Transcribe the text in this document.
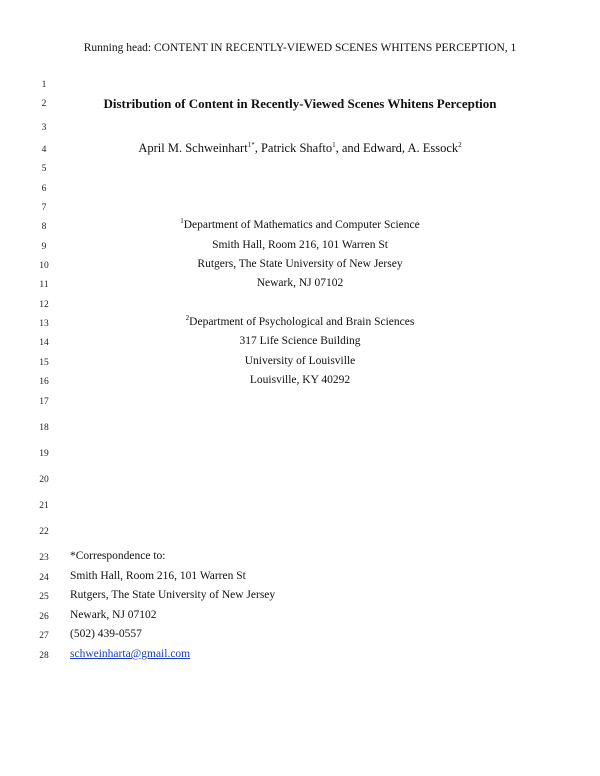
Running head: CONTENT IN RECENTLY-VIEWED SCENES WHITENS PERCEPTION, 1
1
2
3
4
5
6
7
8
9
10
11
12
13
14
15
16
17
18
19
20
21
22
23
24
25
26
27
28
Distribution of Content in Recently-Viewed Scenes Whitens Perception
April M. Schweinhart$^{1*}$, Patrick Shafto$^1$, and Edward, A. Essock$^2$
$^1$Department of Mathematics and Computer Science
Smith Hall, Room 216, 101 Warren St
Rutgers, The State University of New Jersey
Newark, NJ 07102
$^2$Department of Psychological and Brain Sciences
317 Life Science Building
University of Louisville
Louisville, KY 40292
*Correspondence to:
Smith Hall, Room 216, 101 Warren St
Rutgers, The State University of New Jersey
Newark, NJ 07102
(502) 439-0557
schweinharta@gmail.com
